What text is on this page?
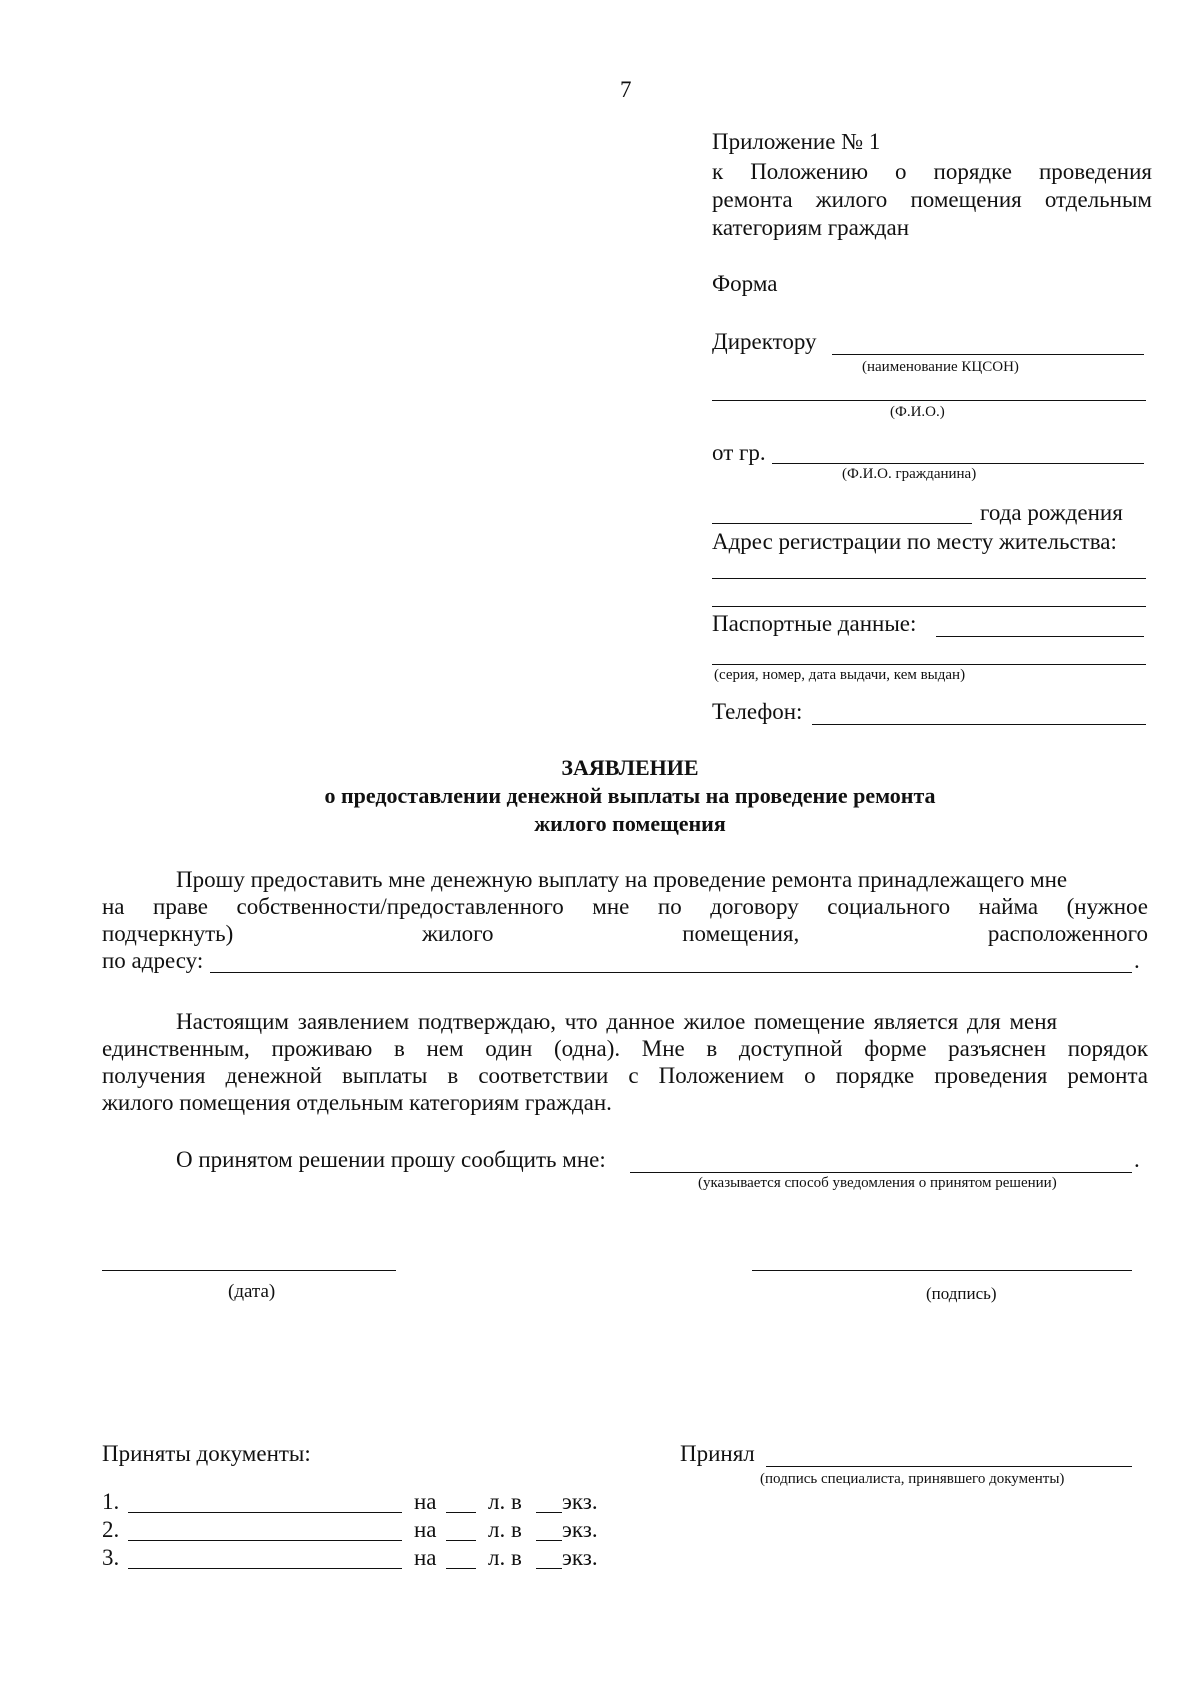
7
Приложение № 1
к Положению о порядке проведения
ремонта жилого помещения отдельным
категориям граждан
Форма
Директору
(наименование КЦСОН)
(Ф.И.О.)
от гр.
(Ф.И.О. гражданина)
года рождения
Адрес регистрации по месту жительства:
Паспортные данные:
(серия, номер, дата выдачи, кем выдан)
Телефон:
ЗАЯВЛЕНИЕ
о предоставлении денежной выплаты на проведение ремонта
жилого помещения
Прошу предоставить мне денежную выплату на проведение ремонта принадлежащего мне
на праве собственности/предоставленного мне по договору социального найма (нужное
подчеркнуть) жилого помещения, расположенного
по адресу:	.
Настоящим заявлением подтверждаю, что данное жилое помещение является для меня
единственным, проживаю в нем один (одна). Мне в доступной форме разъяснен порядок
получения денежной выплаты в соответствии с Положением о порядке проведения ремонта
жилого помещения отдельным категориям граждан.
О принятом решении прошу сообщить мне:	.
(указывается способ уведомления о принятом решении)
(дата)	(подпись)
Приняты документы:
1.	на л. в экз.
2.	на л. в экз.
3.	на л. в экз.
Принял
(подпись специалиста, принявшего документы)
